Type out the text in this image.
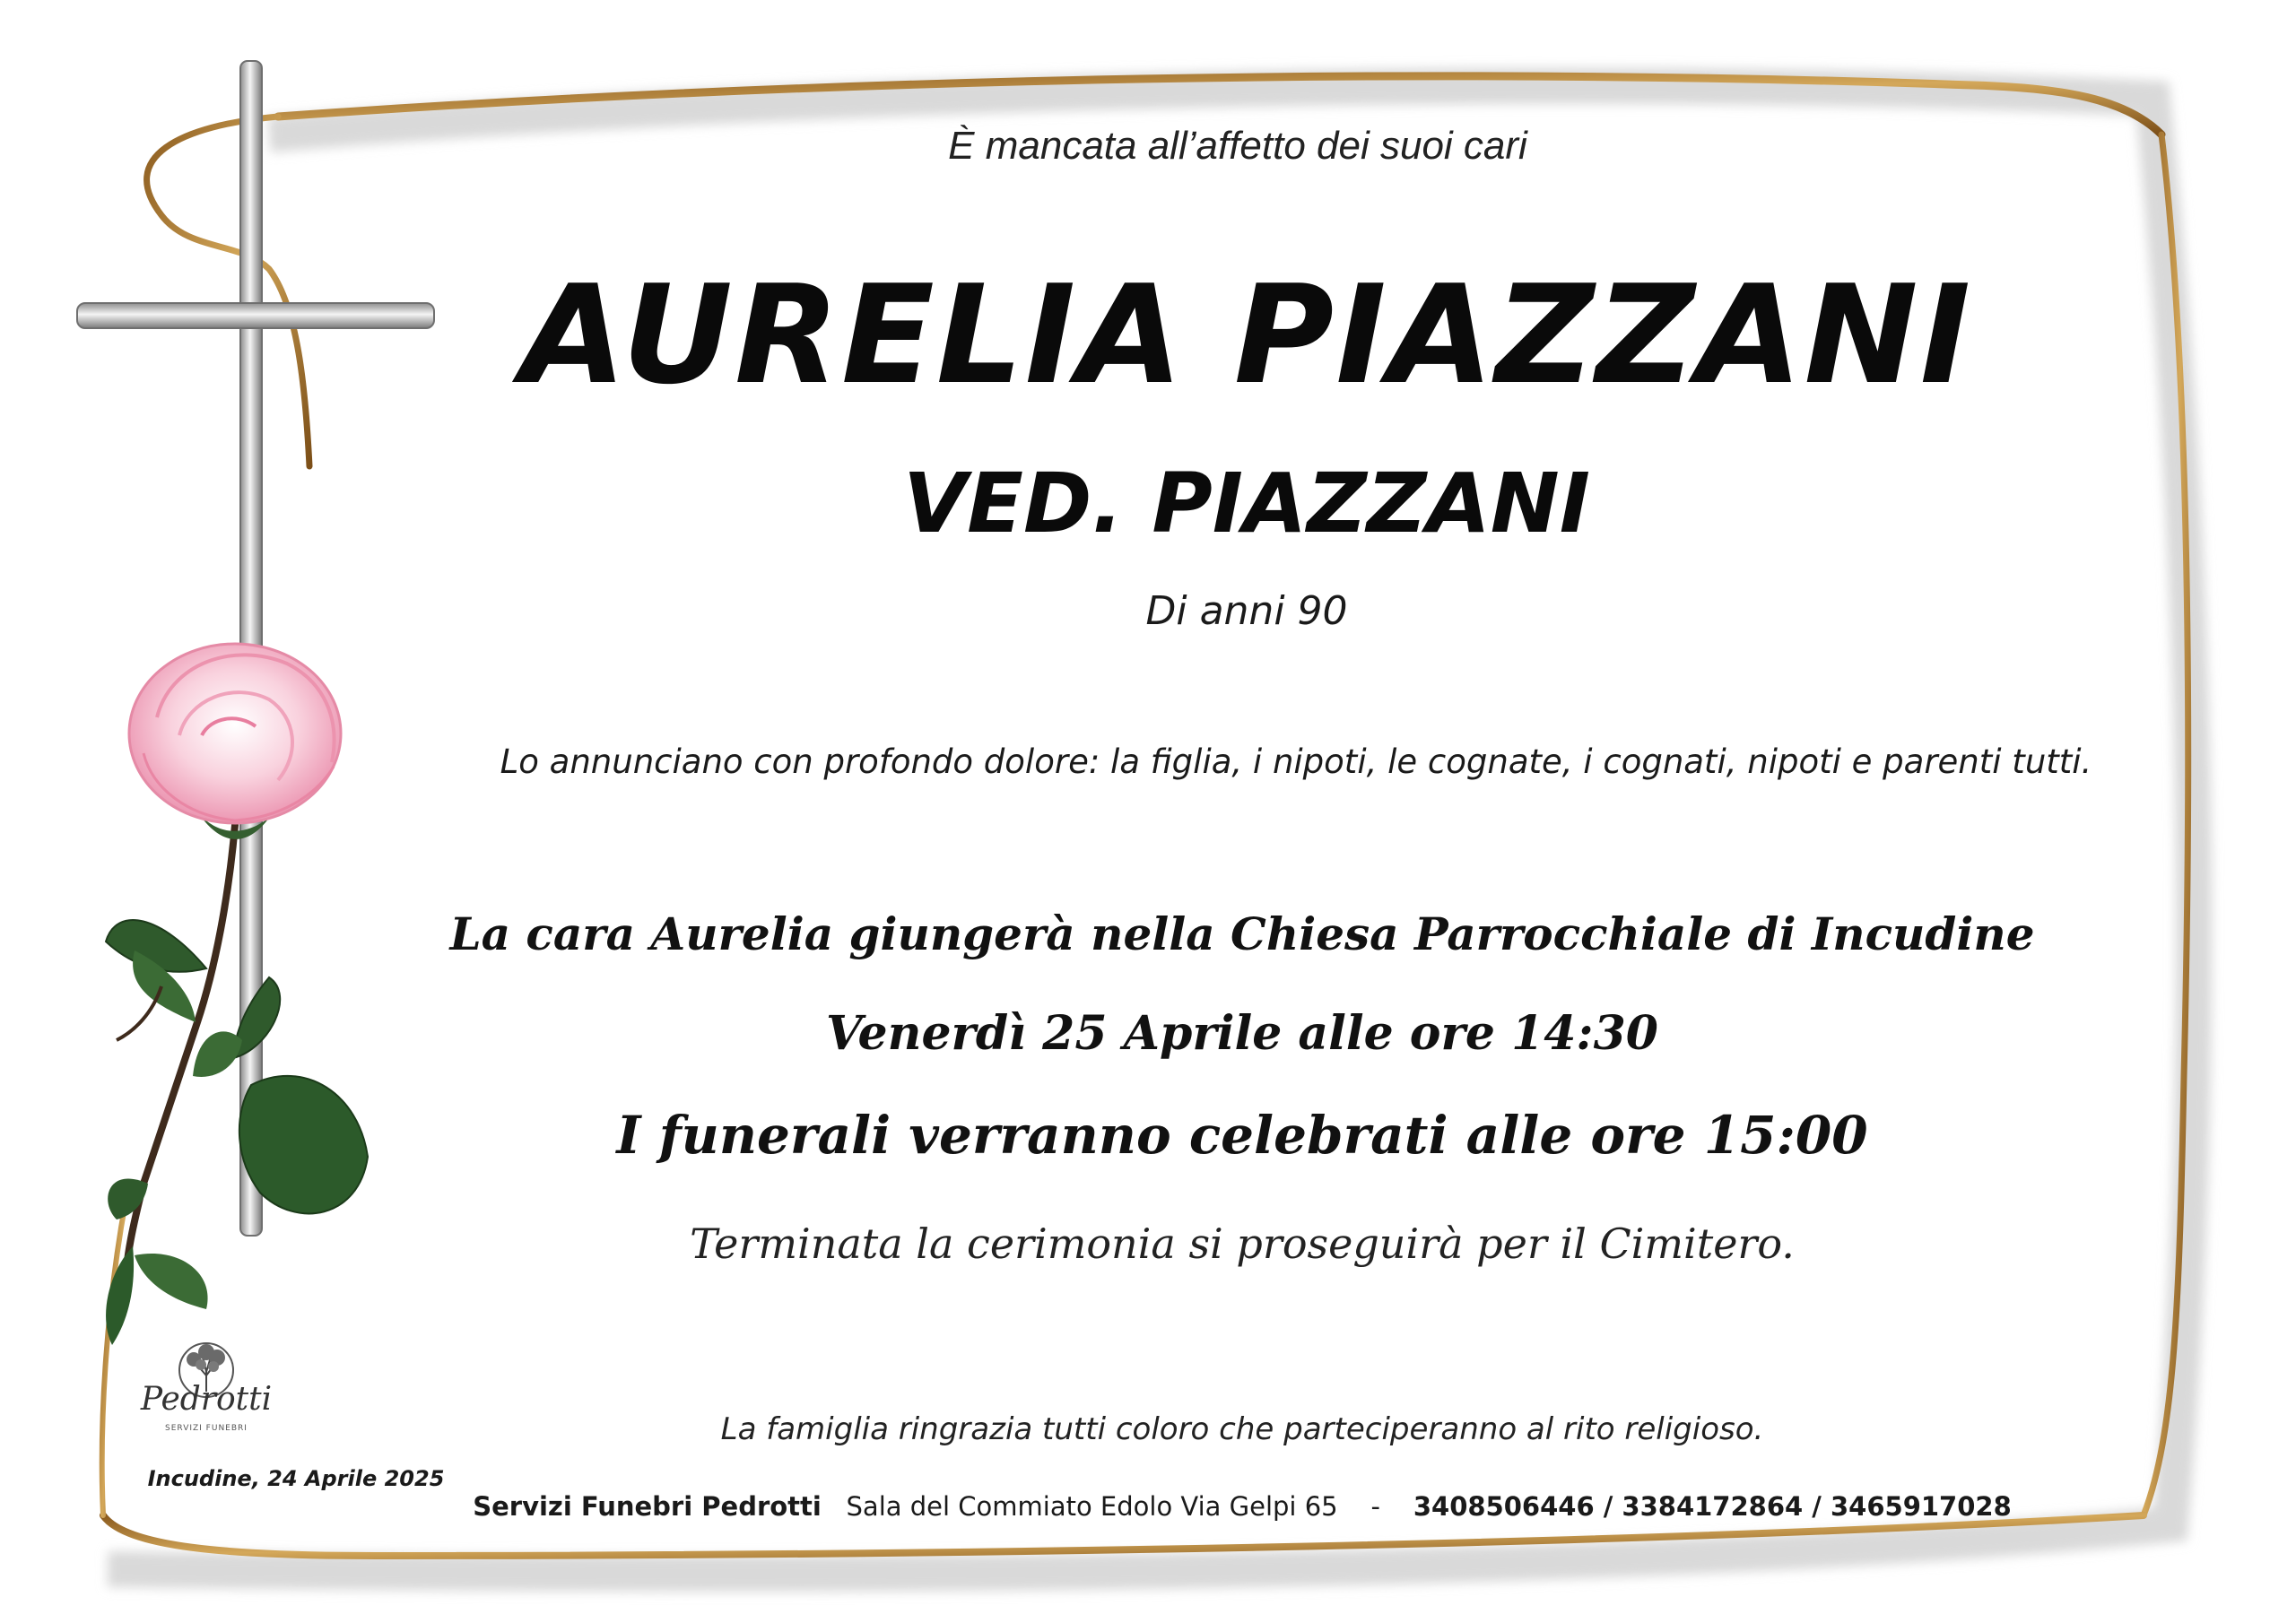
È mancata all’affetto dei suoi cari

AURELIA PIAZZANI

VED. PIAZZANI

Di anni 90

Lo annunciano con profondo dolore: la figlia, i nipoti, le cognate, i cognati, nipoti e parenti tutti.

La cara Aurelia giungerà nella Chiesa Parrocchiale di Incudine

Venerdì 25 Aprile alle ore 14:30

I funerali verranno celebrati alle ore 15:00

Terminata la cerimonia si proseguirà per il Cimitero.

La famiglia ringrazia tutti coloro che parteciperanno al rito religioso.

Servizi Funebri Pedrotti Sala del Commiato Edolo Via Gelpi 65 - 3408506446 / 3384172864 / 3465917028

Pedrotti
SERVIZI FUNEBRI

Incudine, 24 Aprile 2025
